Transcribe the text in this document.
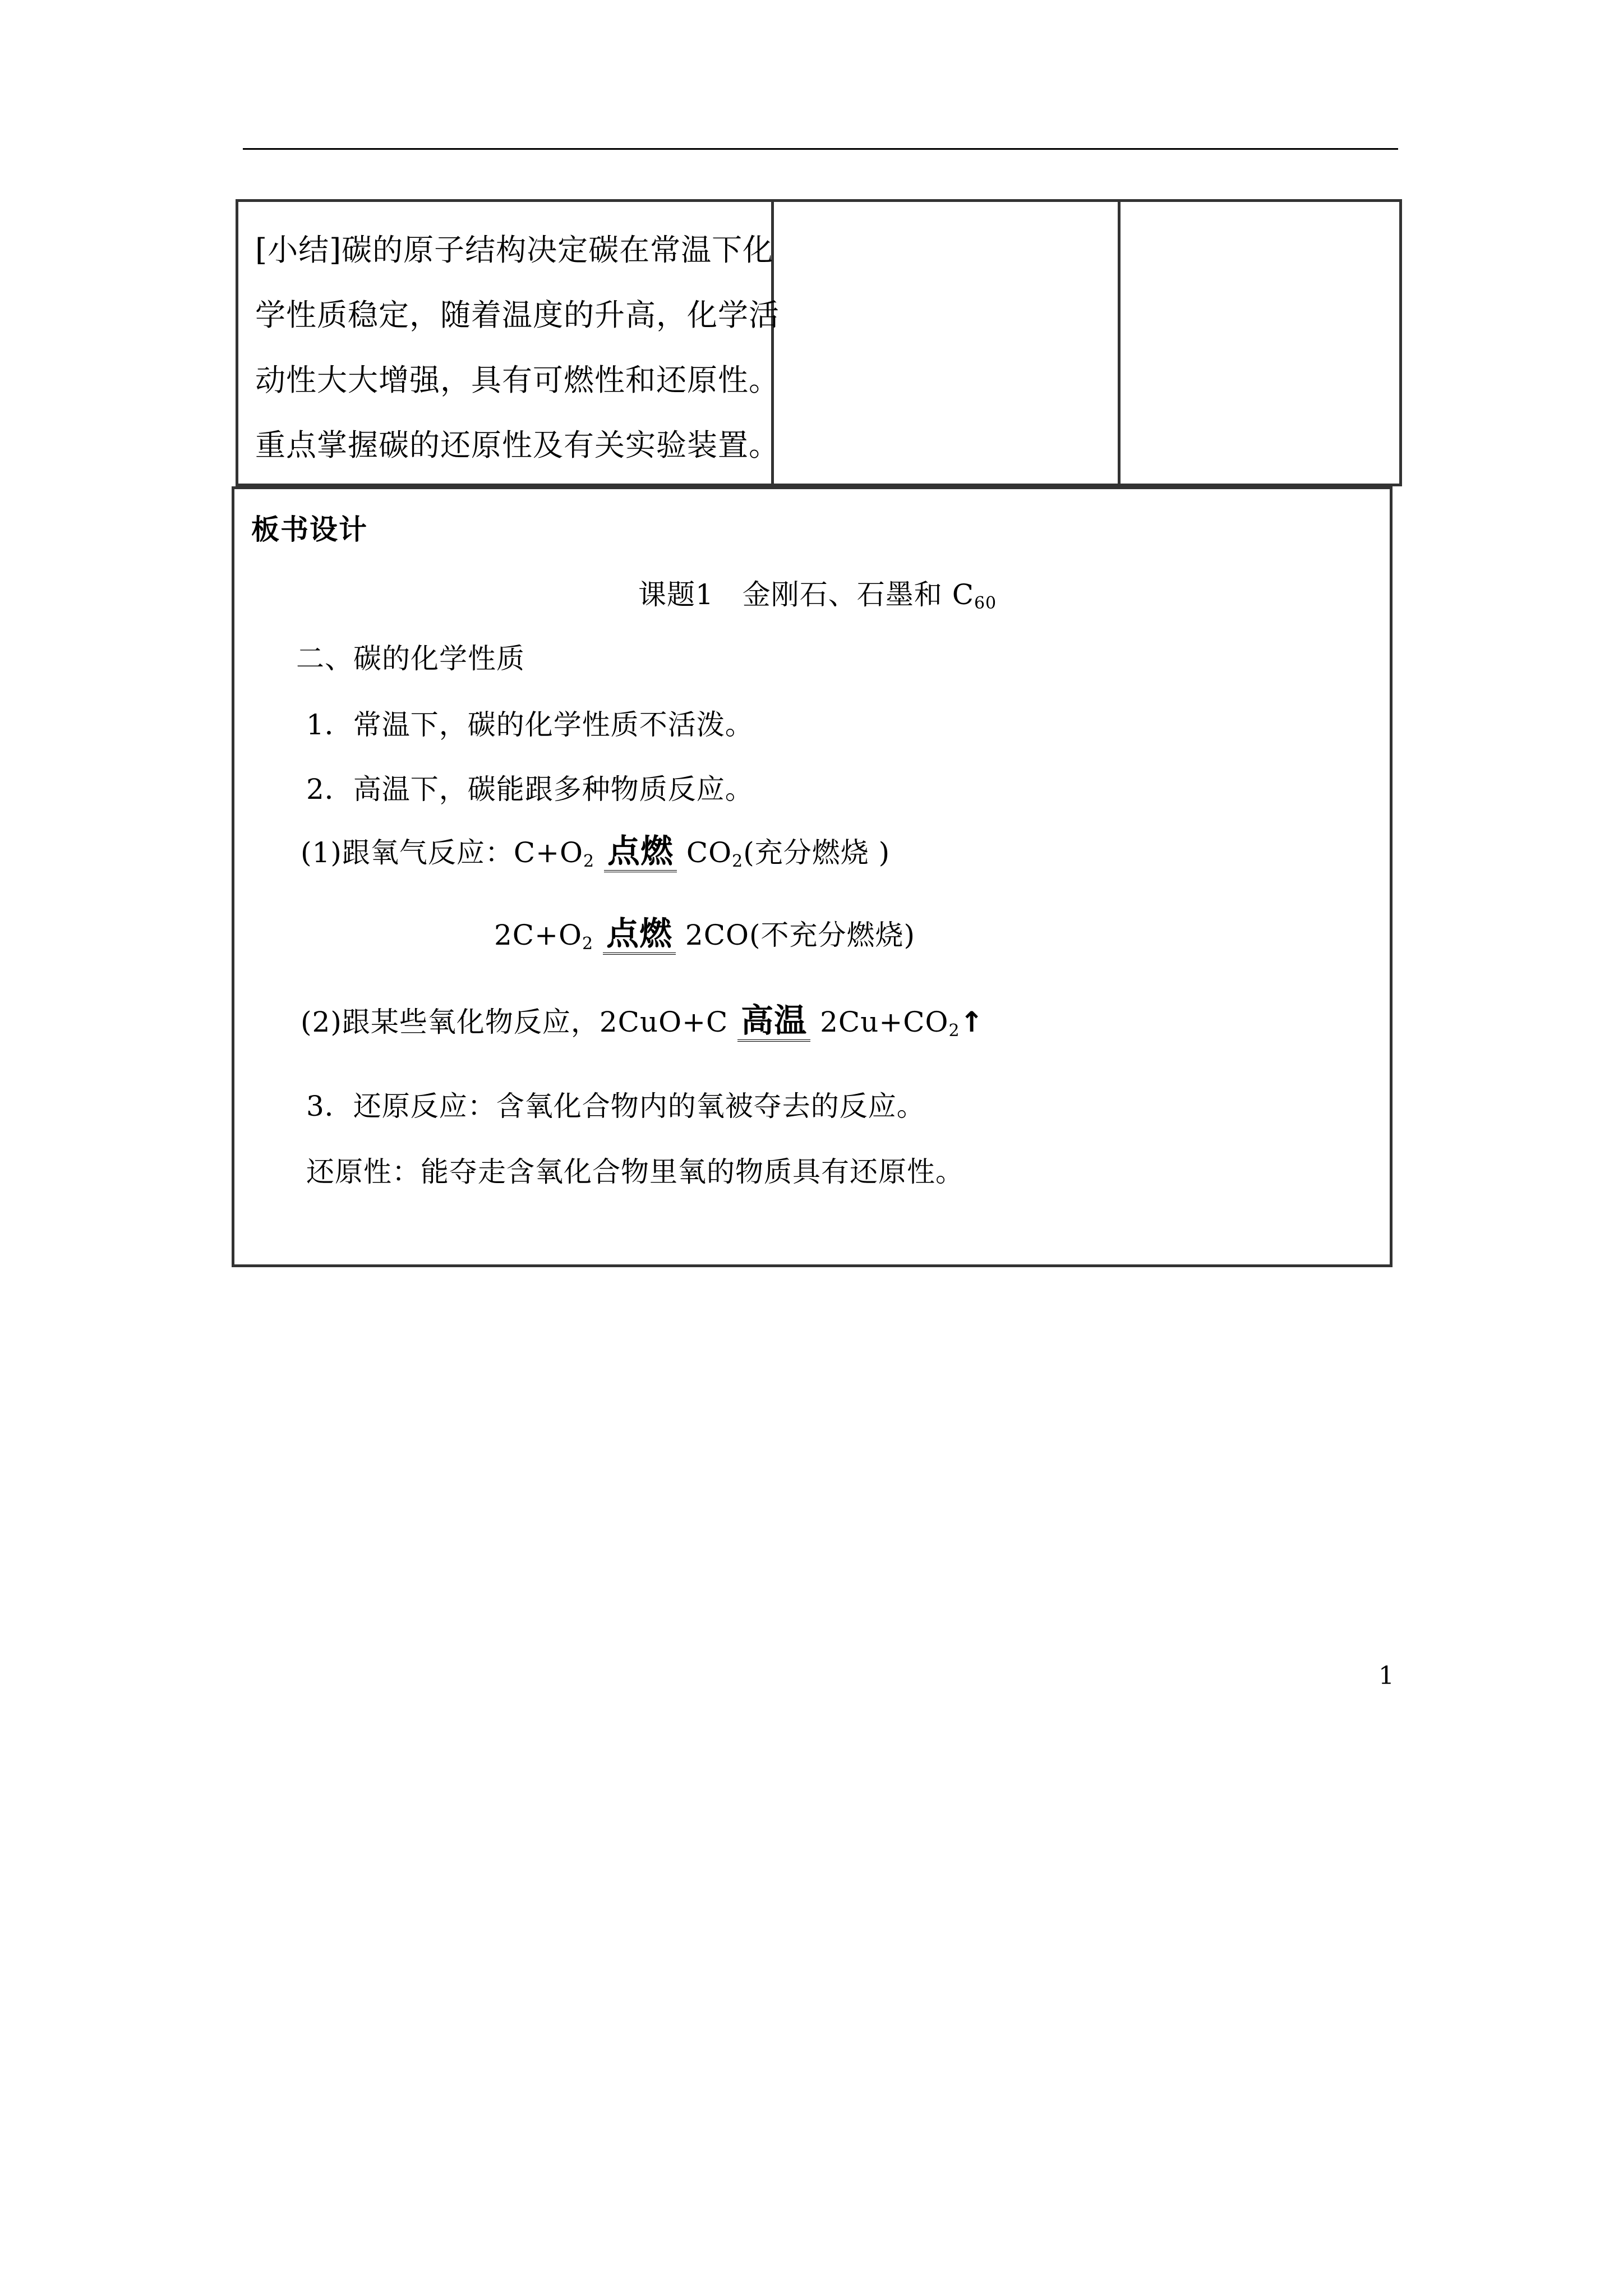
[小结]碳的原子结构决定碳在常温下化
学性质稳定，随着温度的升高，化学活
动性大大增强，具有可燃性和还原性。
重点掌握碳的还原性及有关实验装置。
板书设计
课题1　金刚石、石墨和 $C_{60}$
二、碳的化学性质
1．常温下，碳的化学性质不活泼。
2．高温下，碳能跟多种物质反应。
(1)跟氧气反应：$C+O_2$ 点燃 $CO_2$(充分燃烧 )
$2C+O_2$ 点燃 2CO(不充分燃烧)
(2)跟某些氧化物反应，2CuO+C 高温 $2Cu+CO_2↑$
3．还原反应：含氧化合物内的氧被夺去的反应。
还原性：能夺走含氧化合物里氧的物质具有还原性。
1
